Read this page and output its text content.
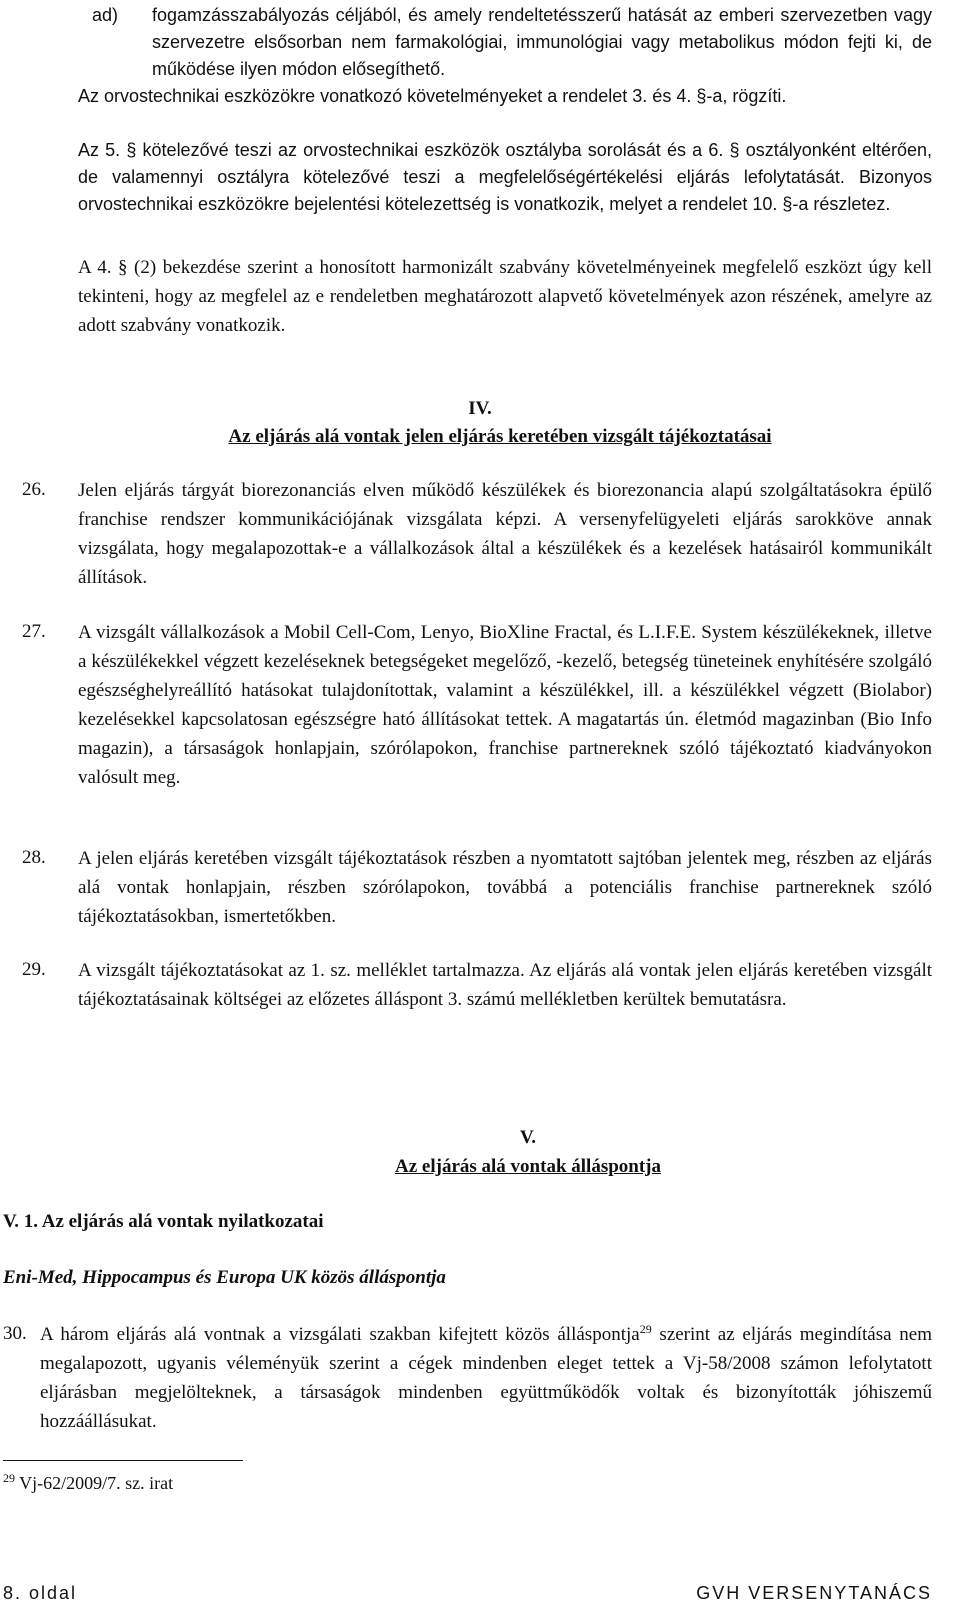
ad) fogamzásszabályozás céljából, és amely rendeltetésszerű hatását az emberi szervezetben vagy szervezetre elsősorban nem farmakológiai, immunológiai vagy metabolikus módon fejti ki, de működése ilyen módon elősegíthető.
Az orvostechnikai eszközökre vonatkozó követelményeket a rendelet 3. és 4. §-a, rögzíti.
Az 5. § kötelezővé teszi az orvostechnikai eszközök osztályba sorolását és a 6. § osztályonként eltérően, de valamennyi osztályra kötelezővé teszi a megfelelőségértékelési eljárás lefolytatását. Bizonyos orvostechnikai eszközökre bejelentési kötelezettség is vonatkozik, melyet a rendelet 10. §-a részletez.
A 4. § (2) bekezdése szerint a honosított harmonizált szabvány követelményeinek megfelelő eszközt úgy kell tekinteni, hogy az megfelel az e rendeletben meghatározott alapvető követelmények azon részének, amelyre az adott szabvány vonatkozik.
IV.
Az eljárás alá vontak jelen eljárás keretében vizsgált tájékoztatásai
26. Jelen eljárás tárgyát biorezonanciás elven működő készülékek és biorezonancia alapú szolgáltatásokra épülő franchise rendszer kommunikációjának vizsgálata képzi. A versenyfelügyeleti eljárás sarokköve annak vizsgálata, hogy megalapozottak-e a vállalkozások által a készülékek és a kezelések hatásairól kommunikált állítások.
27. A vizsgált vállalkozások a Mobil Cell-Com, Lenyo, BioXline Fractal, és L.I.F.E. System készülékeknek, illetve a készülékekkel végzett kezeléseknek betegségeket megelőző, -kezelő, betegség tüneteinek enyhítésére szolgáló egészséghelyreállító hatásokat tulajdonítottak, valamint a készülékkel, ill. a készülékkel végzett (Biolabor) kezelésekkel kapcsolatosan egészségre ható állításokat tettek. A magatartás ún. életmód magazinban (Bio Info magazin), a társaságok honlapjain, szórólapokon, franchise partnereknek szóló tájékoztató kiadványokon valósult meg.
28. A jelen eljárás keretében vizsgált tájékoztatások részben a nyomtatott sajtóban jelentek meg, részben az eljárás alá vontak honlapjain, részben szórólapokon, továbbá a potenciális franchise partnereknek szóló tájékoztatásokban, ismertetőkben.
29. A vizsgált tájékoztatásokat az 1. sz. melléklet tartalmazza. Az eljárás alá vontak jelen eljárás keretében vizsgált tájékoztatásainak költségei az előzetes álláspont 3. számú mellékletben kerültek bemutatásra.
V.
Az eljárás alá vontak álláspontja
V. 1. Az eljárás alá vontak nyilatkozatai
Eni-Med, Hippocampus és Europa UK közös álláspontja
30. A három eljárás alá vontnak a vizsgálati szakban kifejtett közös álláspontja$^{29}$ szerint az eljárás megindítása nem megalapozott, ugyanis véleményük szerint a cégek mindenben eleget tettek a Vj-58/2008 számon lefolytatott eljárásban megjelölteknek, a társaságok mindenben együttműködők voltak és bizonyították jóhiszemű hozzáállásukat.
$^{29}$ Vj-62/2009/7. sz. irat
8. oldal	GVH VERSENYTANÁCS
